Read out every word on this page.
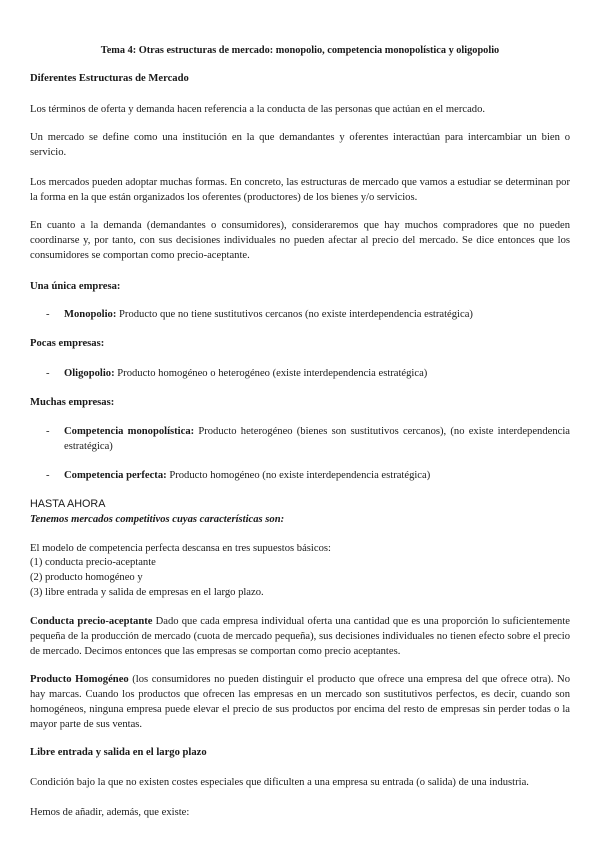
Tema 4: Otras estructuras de mercado: monopolio, competencia monopolística y oligopolio

Diferentes Estructuras de Mercado

Los términos de oferta y demanda hacen referencia a la conducta de las personas que actúan en el mercado.

Un mercado se define como una institución en la que demandantes y oferentes interactúan para intercambiar un bien o servicio.

Los mercados pueden adoptar muchas formas. En concreto, las estructuras de mercado que vamos a estudiar se determinan por la forma en la que están organizados los oferentes (productores) de los bienes y/o servicios.

En cuanto a la demanda (demandantes o consumidores), consideraremos que hay muchos compradores que no pueden coordinarse y, por tanto, con sus decisiones individuales no pueden afectar al precio del mercado. Se dice entonces que los consumidores se comportan como precio-aceptante.

Una única empresa:

-	Monopolio: Producto que no tiene sustitutivos cercanos (no existe interdependencia estratégica)

Pocas empresas:

-	Oligopolio: Producto homogéneo o heterogéneo (existe interdependencia estratégica)

Muchas empresas:

-	Competencia monopolística: Producto heterogéneo (bienes son sustitutivos cercanos), (no existe interdependencia estratégica)
-	Competencia perfecta: Producto homogéneo (no existe interdependencia estratégica)

HASTA AHORA

Tenemos mercados competitivos cuyas características son:

El modelo de competencia perfecta descansa en tres supuestos básicos:

(1) conducta precio-aceptante

(2) producto homogéneo y

(3) libre entrada y salida de empresas en el largo plazo.

Conducta precio-aceptante Dado que cada empresa individual oferta una cantidad que es una proporción lo suficientemente pequeña de la producción de mercado (cuota de mercado pequeña), sus decisiones individuales no tienen efecto sobre el precio de mercado. Decimos entonces que las empresas se comportan como precio aceptantes.

Producto Homogéneo (los consumidores no pueden distinguir el producto que ofrece una empresa del que ofrece otra). No hay marcas. Cuando los productos que ofrecen las empresas en un mercado son sustitutivos perfectos, es decir, cuando son homogéneos, ninguna empresa puede elevar el precio de sus productos por encima del resto de empresas sin perder todas o la mayor parte de sus ventas.

Libre entrada y salida en el largo plazo

Condición bajo la que no existen costes especiales que dificulten a una empresa su entrada (o salida) de una industria.

Hemos de añadir, además, que existe:
